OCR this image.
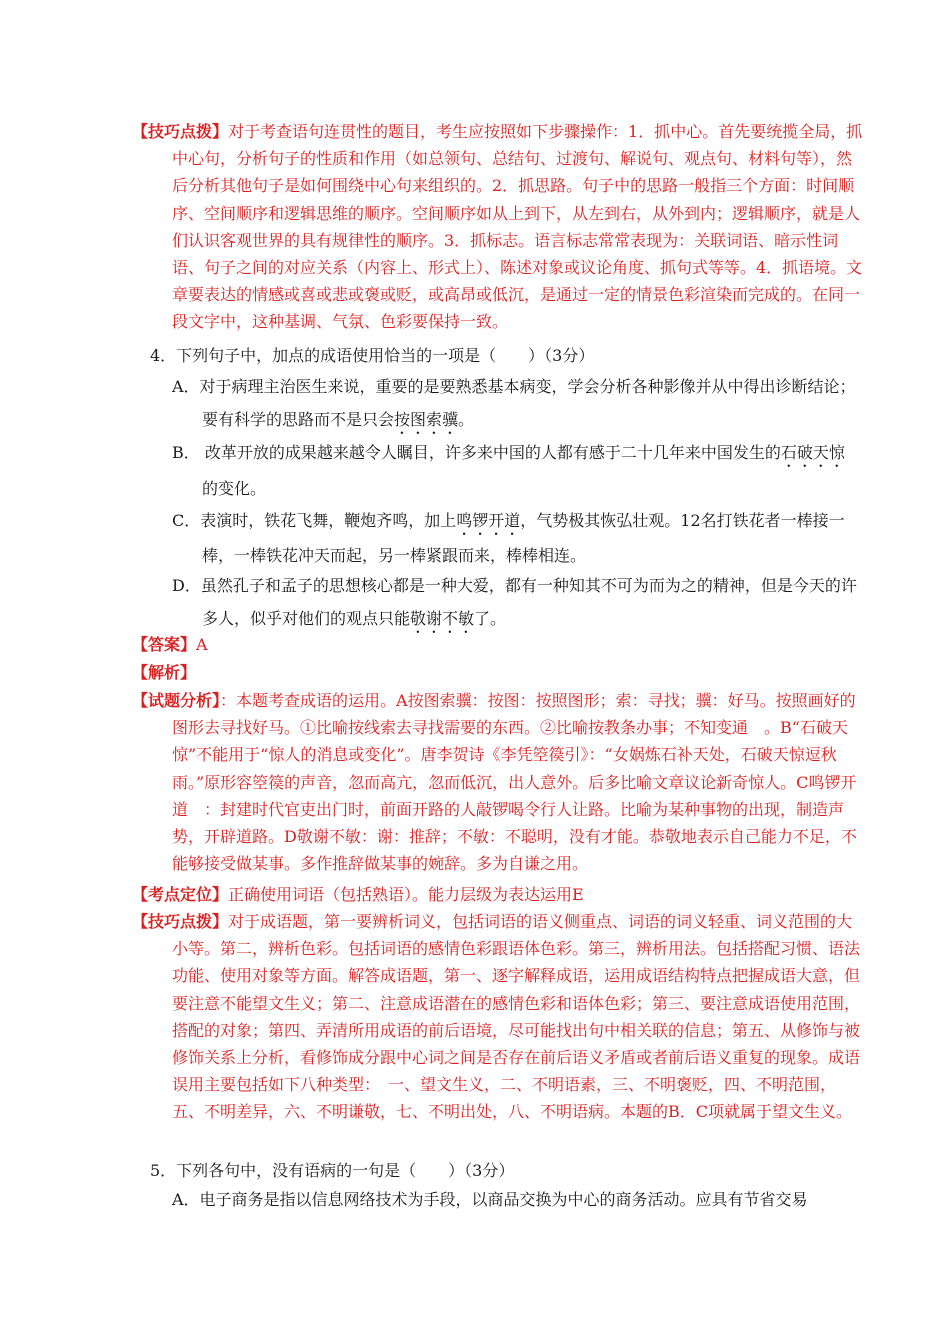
【技巧点拨】对于考查语句连贯性的题目，考生应按照如下步骤操作：1．抓中心。首先要统揽全局，抓中心句，分析句子的性质和作用（如总领句、总结句、过渡句、解说句、观点句、材料句等），然后分析其他句子是如何围绕中心句来组织的。2．抓思路。句子中的思路一般指三个方面：时间顺序、空间顺序和逻辑思维的顺序。空间顺序如从上到下，从左到右，从外到内；逻辑顺序，就是人们认识客观世界的具有规律性的顺序。3．抓标志。语言标志常常表现为：关联词语、暗示性词语、句子之间的对应关系（内容上、形式上）、陈述对象或议论角度、抓句式等等。4．抓语境。文章要表达的情感或喜或悲或褒或贬，或高昂或低沉，是通过一定的情景色彩渲染而完成的。在同一段文字中，这种基调、气氛、色彩要保持一致。
4．下列句子中，加点的成语使用恰当的一项是（　　）（3分）
A．对于病理主治医生来说，重要的是要熟悉基本病变，学会分析各种影像并从中得出诊断结论；要有科学的思路而不是只会按图索骥。
B． 改革开放的成果越来越令人瞩目，许多来中国的人都有感于二十几年来中国发生的石破天惊的变化。
C．表演时，铁花飞舞，鞭炮齐鸣，加上鸣锣开道，气势极其恢弘壮观。12名打铁花者一棒接一棒，一棒铁花冲天而起，另一棒紧跟而来，棒棒相连。
D．虽然孔子和孟子的思想核心都是一种大爱，都有一种知其不可为而为之的精神，但是今天的许多人，似乎对他们的观点只能敬谢不敏了。
【答案】A
【解析】
【试题分析】：本题考查成语的运用。A按图索骥：按图：按照图形；索：寻找；骥：好马。按照画好的图形去寻找好马。①比喻按线索去寻找需要的东西。②比喻按教条办事；不知变通　。B“石破天惊”不能用于“惊人的消息或变化”。唐李贺诗《李凭箜篌引》：“女娲炼石补天处，石破天惊逗秋雨。”原形容箜篌的声音，忽而高亢，忽而低沉，出人意外。后多比喻文章议论新奇惊人。C鸣锣开道　：封建时代官吏出门时，前面开路的人敲锣喝令行人让路。比喻为某种事物的出现，制造声势，开辟道路。D敬谢不敏：谢：推辞；不敏：不聪明，没有才能。恭敬地表示自己能力不足，不能够接受做某事。多作推辞做某事的婉辞。多为自谦之用。
【考点定位】正确使用词语（包括熟语）。能力层级为表达运用E
【技巧点拨】对于成语题，第一要辨析词义，包括词语的语义侧重点、词语的词义轻重、词义范围的大小等。第二，辨析色彩。包括词语的感情色彩跟语体色彩。第三，辨析用法。包括搭配习惯、语法功能、使用对象等方面。解答成语题，第一、逐字解释成语，运用成语结构特点把握成语大意，但要注意不能望文生义；第二、注意成语潜在的感情色彩和语体色彩；第三、要注意成语使用范围，搭配的对象；第四、弄清所用成语的前后语境，尽可能找出句中相关联的信息；第五、从修饰与被修饰关系上分析，看修饰成分跟中心词之间是否存在前后语义矛盾或者前后语义重复的现象。成语误用主要包括如下八种类型：　一、望文生义，二、不明语素，三、不明褒贬，四、不明范围，五、不明差异，六、不明谦敬，七、不明出处，八、不明语病。本题的B．C项就属于望文生义。
5．下列各句中，没有语病的一句是（　　）（3分）
A．电子商务是指以信息网络技术为手段，以商品交换为中心的商务活动。应具有节省交易
